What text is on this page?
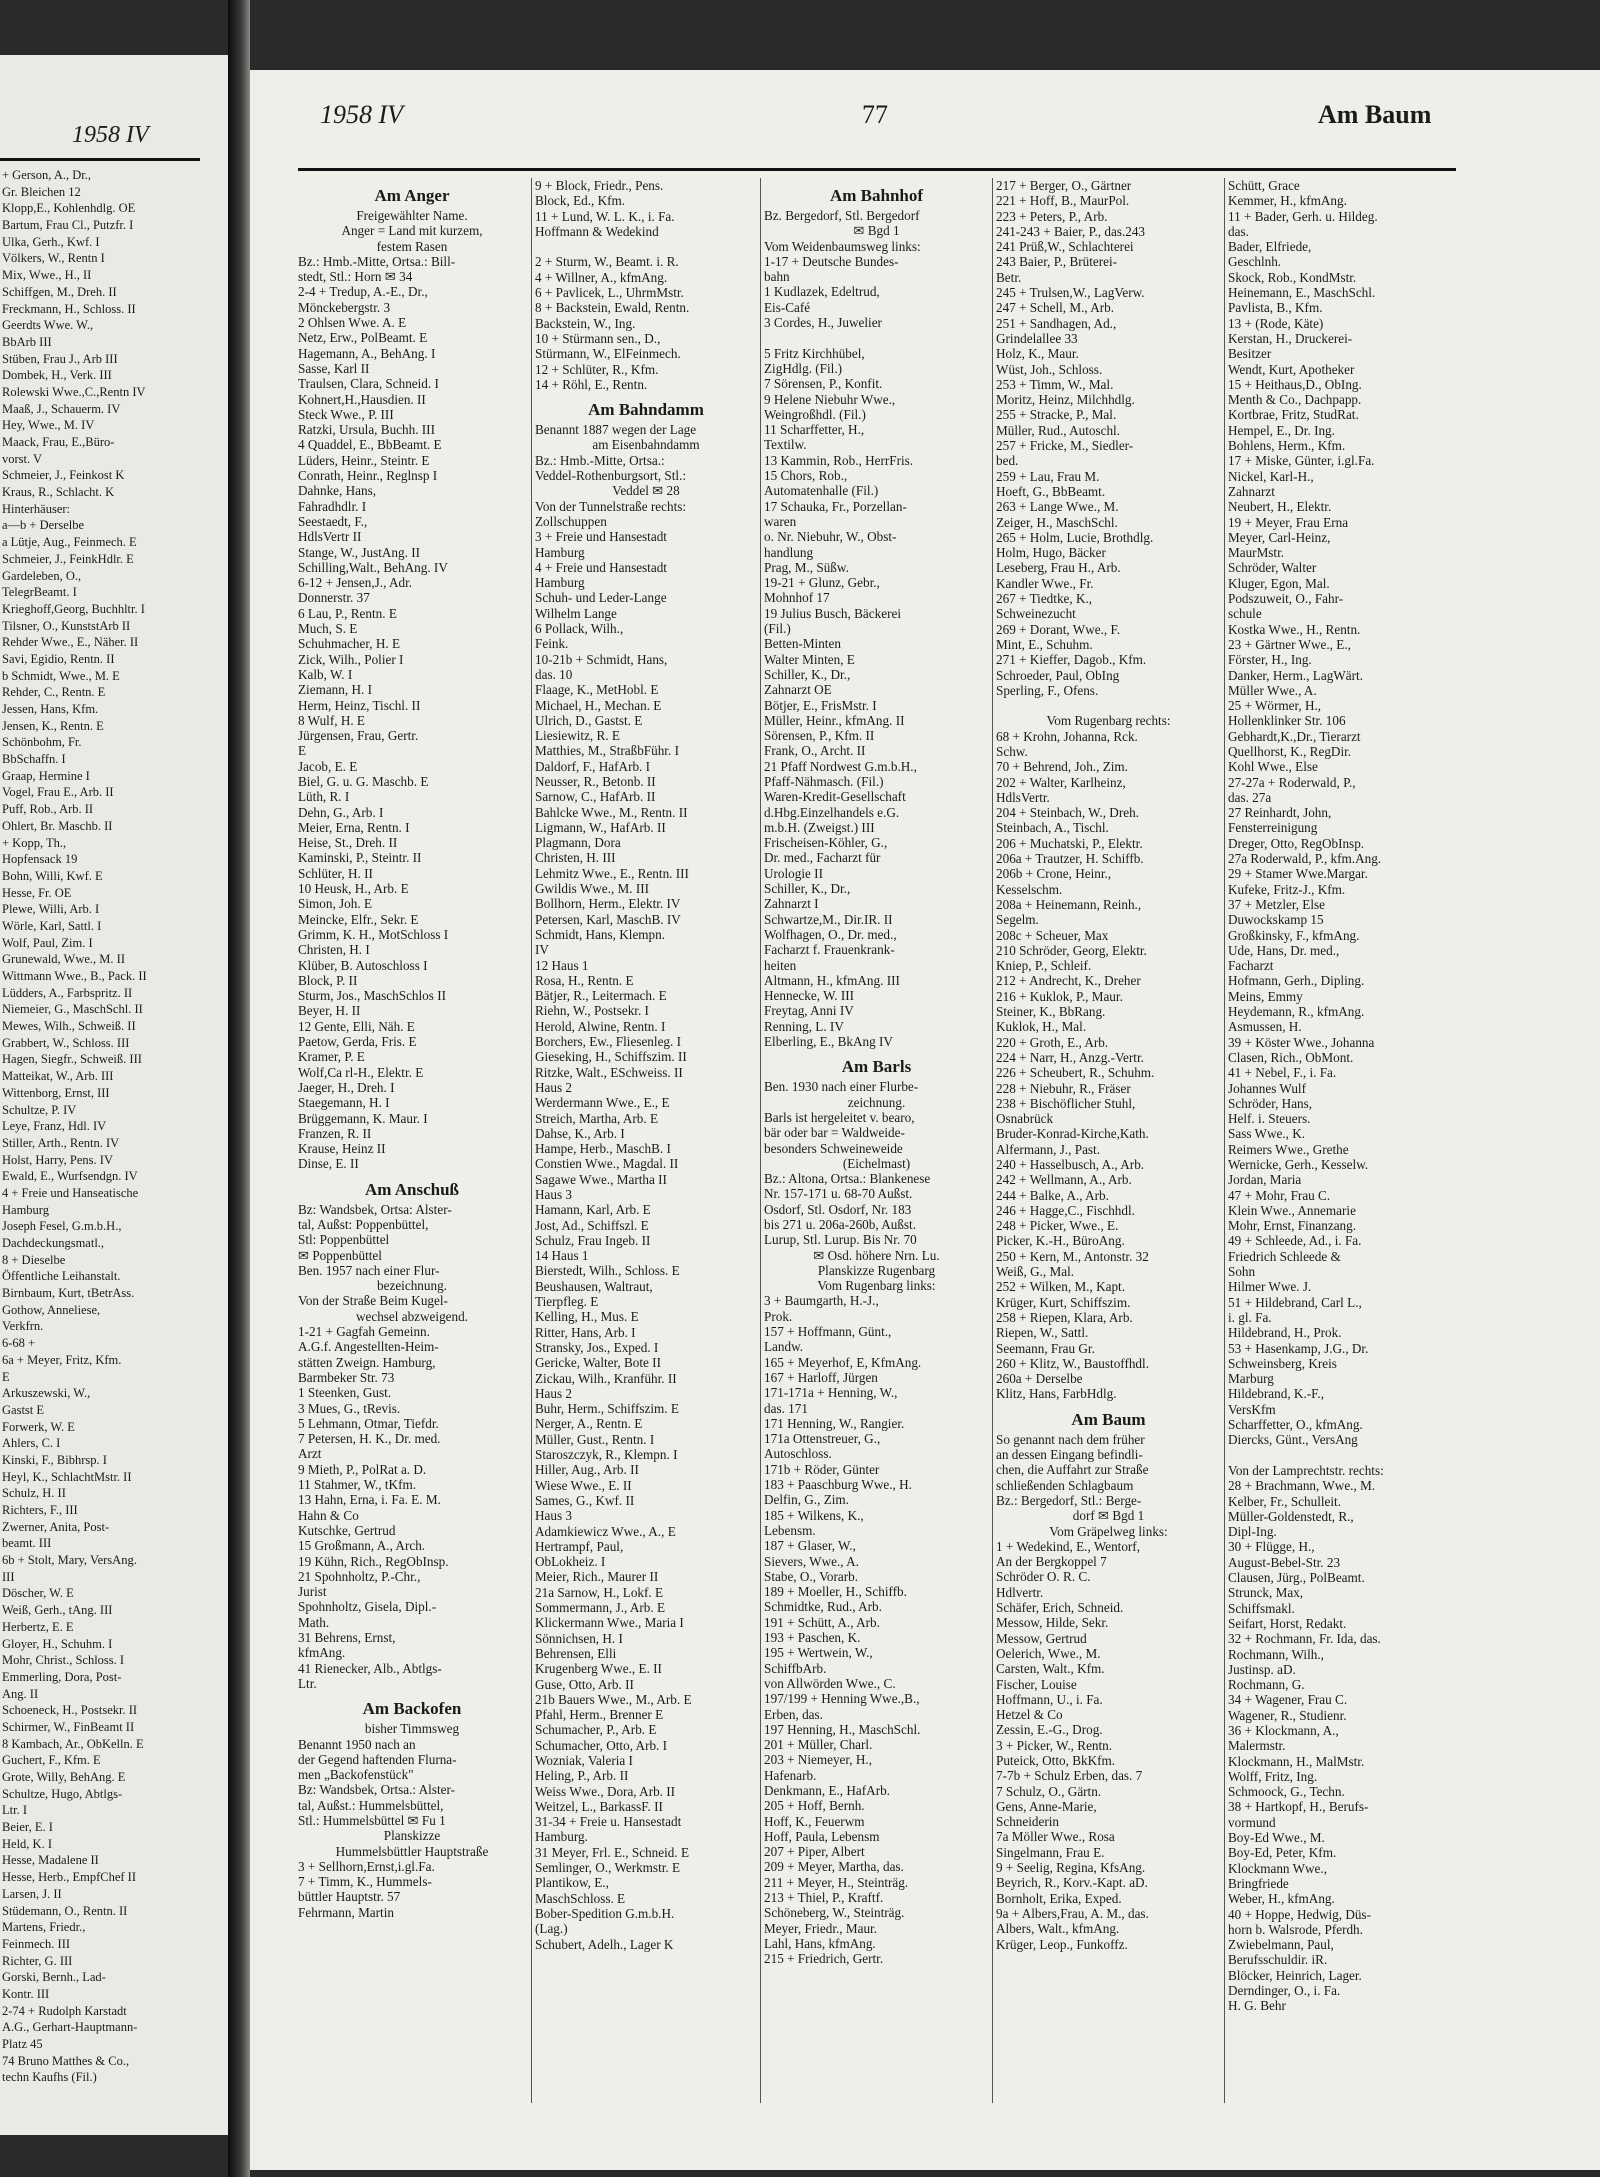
1958 IV
+ Gerson, A., Dr.,
Gr. Bleichen 12
Klopp,E., Kohlenhdlg. OE
Bartum, Frau Cl., Putzfr. I
Ulka, Gerh., Kwf. I
Völkers, W., Rentn I
Mix, Wwe., H., II
Schiffgen, M., Dreh. II
Freckmann, H., Schloss. II
Geerdts Wwe. W.,
BbArb III
Stüben, Frau J., Arb III
Dombek, H., Verk. III
Rolewski Wwe.,C.,Rentn IV
Maaß, J., Schauerm. IV
Hey, Wwe., M. IV
Maack, Frau, E.,Büro-
vorst. V
Schmeier, J., Feinkost K
Kraus, R., Schlacht. K
Hinterhäuser:
a—b + Derselbe
a Lütje, Aug., Feinmech. E
Schmeier, J., FeinkHdlr. E
Gardeleben, O.,
TelegrBeamt. I
Krieghoff,Georg, Buchhltr. I
Tilsner, O., KunststArb II
Rehder Wwe., E., Näher. II
Savi, Egidio, Rentn. II
b Schmidt, Wwe., M. E
Rehder, C., Rentn. E
Jessen, Hans, Kfm.
Jensen, K., Rentn. E
Schönbohm, Fr.
BbSchaffn. I
Graap, Hermine I
Vogel, Frau E., Arb. II
Puff, Rob., Arb. II
Ohlert, Br. Maschb. II
+ Kopp, Th.,
Hopfensack 19
Bohn, Willi, Kwf. E
Hesse, Fr. OE
Plewe, Willi, Arb. I
Wörle, Karl, Sattl. I
Wolf, Paul, Zim. I
Grunewald, Wwe., M. II
Wittmann Wwe., B., Pack. II
Lüdders, A., Farbspritz. II
Niemeier, G., MaschSchl. II
Mewes, Wilh., Schweiß. II
Grabbert, W., Schloss. III
Hagen, Siegfr., Schweiß. III
Matteikat, W., Arb. III
Wittenborg, Ernst, III
Schultze, P. IV
Leye, Franz, Hdl. IV
Stiller, Arth., Rentn. IV
Holst, Harry, Pens. IV
Ewald, E., Wurfsendgn. IV
4 + Freie und Hanseatische
Hamburg
Joseph Fesel, G.m.b.H.,
Dachdeckungsmatl.,
8 + Dieselbe
Öffentliche Leihanstalt.
Birnbaum, Kurt, tBetrAss.
Gothow, Anneliese,
Verkfrn.
6-68 +
6a + Meyer, Fritz, Kfm.
E
Arkuszewski, W.,
Gastst E
Forwerk, W. E
Ahlers, C. I
Kinski, F., Bibhrsp. I
Heyl, K., SchlachtMstr. II
Schulz, H. II
Richters, F., III
Zwerner, Anita, Post-
beamt. III
6b + Stolt, Mary, VersAng.
III
Döscher, W. E
Weiß, Gerh., tAng. III
Herbertz, E. E
Gloyer, H., Schuhm. I
Mohr, Christ., Schloss. I
Emmerling, Dora, Post-
Ang. II
Schoeneck, H., Postsekr. II
Schirmer, W., FinBeamt II
8 Kambach, Ar., ObKelln. E
Guchert, F., Kfm. E
Grote, Willy, BehAng. E
Schultze, Hugo, Abtlgs-
Ltr. I
Beier, E. I
Held, K. I
Hesse, Madalene II
Hesse, Herb., EmpfChef II
Larsen, J. II
Stüdemann, O., Rentn. II
Martens, Friedr.,
Feinmech. III
Richter, G. III
Gorski, Bernh., Lad-
Kontr. III
2-74 + Rudolph Karstadt
A.G., Gerhart-Hauptmann-
Platz 45
74 Bruno Matthes & Co.,
techn Kaufhs (Fil.)
1958 IV	77	Am Baum
Am Anger
Freigewählter Name.
Anger = Land mit kurzem,
festem Rasen
Bz.: Hmb.-Mitte, Ortsa.: Bill-
stedt, Stl.: Horn ✉ 34
2-4 + Tredup, A.-E., Dr.,
Mönckebergstr. 3
2 Ohlsen Wwe. A. E
Netz, Erw., PolBeamt. E
Hagemann, A., BehAng. I
Sasse, Karl II
Traulsen, Clara, Schneid. I
Kohnert,H.,Hausdien. II
Steck Wwe., P. III
Ratzki, Ursula, Buchh. III
4 Quaddel, E., BbBeamt. E
Lüders, Heinr., Steintr. E
Conrath, Heinr., Reglnsp I
Dahnke, Hans,
Fahradhdlr. I
Seestaedt, F.,
HdlsVertr II
Stange, W., JustAng. II
Schilling,Walt., BehAng. IV
6-12 + Jensen,J., Adr.
Donnerstr. 37
6 Lau, P., Rentn. E
Much, S. E
Schuhmacher, H. E
Zick, Wilh., Polier I
Kalb, W. I
Ziemann, H. I
Herm, Heinz, Tischl. II
8 Wulf, H. E
Jürgensen, Frau, Gertr.
E
Jacob, E. E
Biel, G. u. G. Maschb. E
Lüth, R. I
Dehn, G., Arb. I
Meier, Erna, Rentn. I
Heise, St., Dreh. II
Kaminski, P., Steintr. II
Schlüter, H. II
10 Heusk, H., Arb. E
Simon, Joh. E
Meincke, Elfr., Sekr. E
Grimm, K. H., MotSchloss I
Christen, H. I
Klüber, B. Autoschloss I
Block, P. II
Sturm, Jos., MaschSchlos II
Beyer, H. II
12 Gente, Elli, Näh. E
Paetow, Gerda, Fris. E
Kramer, P. E
Wolf,Ca rl-H., Elektr. E
Jaeger, H., Dreh. I
Staegemann, H. I
Brüggemann, K. Maur. I
Franzen, R. II
Krause, Heinz II
Dinse, E. II
Am Anschuß
Bz: Wandsbek, Ortsa: Alster-
tal, Außst: Poppenbüttel,
Stl: Poppenbüttel
✉ Poppenbüttel
Ben. 1957 nach einer Flur-
bezeichnung.
Von der Straße Beim Kugel-
wechsel abzweigend.
1-21 + Gagfah Gemeinn.
A.G.f. Angestellten-Heim-
stätten Zweign. Hamburg,
Barmbeker Str. 73
1 Steenken, Gust.
3 Mues, G., tRevis.
5 Lehmann, Otmar, Tiefdr.
7 Petersen, H. K., Dr. med.
Arzt
9 Mieth, P., PolRat a. D.
11 Stahmer, W., tKfm.
13 Hahn, Erna, i. Fa. E. M.
Hahn & Co
Kutschke, Gertrud
15 Großmann, A., Arch.
19 Kühn, Rich., RegObInsp.
21 Spohnholtz, P.-Chr.,
Jurist
Spohnholtz, Gisela, Dipl.-
Math.
31 Behrens, Ernst,
kfmAng.
41 Rienecker, Alb., Abtlgs-
Ltr.
Am Backofen
bisher Timmsweg
Benannt 1950 nach an
der Gegend haftenden Flurna-
men „Backofenstück"
Bz: Wandsbek, Ortsa.: Alster-
tal, Außst.: Hummelsbüttel,
Stl.: Hummelsbüttel ✉ Fu 1
Planskizze
Hummelsbüttler Hauptstraße
3 + Sellhorn,Ernst,i.gl.Fa.
7 + Timm, K., Hummels-
büttler Hauptstr. 57
Fehrmann, Martin
9 + Block, Friedr., Pens.
Block, Ed., Kfm.
11 + Lund, W. L. K., i. Fa.
Hoffmann & Wedekind
2 + Sturm, W., Beamt. i. R.
4 + Willner, A., kfmAng.
6 + Pavlicek, L., UhrmMstr.
8 + Backstein, Ewald, Rentn.
Backstein, W., Ing.
10 + Stürmann sen., D.,
Stürmann, W., ElFeinmech.
12 + Schlüter, R., Kfm.
14 + Röhl, E., Rentn.
Am Bahndamm
Benannt 1887 wegen der Lage
am Eisenbahndamm
Bz.: Hmb.-Mitte, Ortsa.:
Veddel-Rothenburgsort, Stl.:
Veddel ✉ 28
Von der Tunnelstraße rechts:
Zollschuppen
3 + Freie und Hansestadt
Hamburg
4 + Freie und Hansestadt
Hamburg
Schuh- und Leder-Lange
Wilhelm Lange
6 Pollack, Wilh.,
Feink.
10-21b + Schmidt, Hans,
das. 10
Flaage, K., MetHobl. E
Michael, H., Mechan. E
Ulrich, D., Gastst. E
Liesiewitz, R. E
Matthies, M., StraßbFühr. I
Daldorf, F., HafArb. I
Neusser, R., Betonb. II
Sarnow, C., HafArb. II
Bahlcke Wwe., M., Rentn. II
Ligmann, W., HafArb. II
Plagmann, Dora
Christen, H. III
Lehmitz Wwe., E., Rentn. III
Gwildis Wwe., M. III
Bollhorn, Herm., Elektr. IV
Petersen, Karl, MaschB. IV
Schmidt, Hans, Klempn.
IV
12 Haus 1
Rosa, H., Rentn. E
Bätjer, R., Leitermach. E
Riehn, W., Postsekr. I
Herold, Alwine, Rentn. I
Borchers, Ew., Fliesenleg. I
Gieseking, H., Schiffszim. II
Ritzke, Walt., ESchweiss. II
Haus 2
Werdermann Wwe., E., E
Streich, Martha, Arb. E
Dahse, K., Arb. I
Hampe, Herb., MaschB. I
Constien Wwe., Magdal. II
Sagawe Wwe., Martha II
Haus 3
Hamann, Karl, Arb. E
Jost, Ad., Schiffszl. E
Schulz, Frau Ingeb. II
14 Haus 1
Bierstedt, Wilh., Schloss. E
Beushausen, Waltraut,
Tierpfleg. E
Kelling, H., Mus. E
Ritter, Hans, Arb. I
Stransky, Jos., Exped. I
Gericke, Walter, Bote II
Zickau, Wilh., Kranführ. II
Haus 2
Buhr, Herm., Schiffszim. E
Nerger, A., Rentn. E
Müller, Gust., Rentn. I
Staroszczyk, R., Klempn. I
Hiller, Aug., Arb. II
Wiese Wwe., E. II
Sames, G., Kwf. II
Haus 3
Adamkiewicz Wwe., A., E
Hertrampf, Paul,
ObLokheiz. I
Meier, Rich., Maurer II
21a Sarnow, H., Lokf. E
Sommermann, J., Arb. E
Klickermann Wwe., Maria I
Sönnichsen, H. I
Behrensen, Elli
Krugenberg Wwe., E. II
Guse, Otto, Arb. II
21b Bauers Wwe., M., Arb. E
Pfahl, Herm., Brenner E
Schumacher, P., Arb. E
Schumacher, Otto, Arb. I
Wozniak, Valeria I
Heling, P., Arb. II
Weiss Wwe., Dora, Arb. II
Weitzel, L., BarkassF. II
31-34 + Freie u. Hansestadt
Hamburg.
31 Meyer, Frl. E., Schneid. E
Semlinger, O., Werkmstr. E
Plantikow, E.,
MaschSchloss. E
Bober-Spedition G.m.b.H.
(Lag.)
Schubert, Adelh., Lager K
Am Bahnhof
Bz. Bergedorf, Stl. Bergedorf
✉ Bgd 1
Vom Weidenbaumsweg links:
1-17 + Deutsche Bundes-
bahn
1 Kudlazek, Edeltrud,
Eis-Café
3 Cordes, H., Juwelier
5 Fritz Kirchhübel,
ZigHdlg. (Fil.)
7 Sörensen, P., Konfit.
9 Helene Niebuhr Wwe.,
Weingroßhdl. (Fil.)
11 Scharffetter, H.,
Textilw.
13 Kammin, Rob., HerrFris.
15 Chors, Rob.,
Automatenhalle (Fil.)
17 Schauka, Fr., Porzellan-
waren
o. Nr. Niebuhr, W., Obst-
handlung
Prag, M., Süßw.
19-21 + Glunz, Gebr.,
Mohnhof 17
19 Julius Busch, Bäckerei
(Fil.)
Betten-Minten
Walter Minten, E
Schiller, K., Dr.,
Zahnarzt OE
Bötjer, E., FrisMstr. I
Müller, Heinr., kfmAng. II
Sörensen, P., Kfm. II
Frank, O., Archt. II
21 Pfaff Nordwest G.m.b.H.,
Pfaff-Nähmasch. (Fil.)
Waren-Kredit-Gesellschaft
d.Hbg.Einzelhandels e.G.
m.b.H. (Zweigst.) III
Frischeisen-Köhler, G.,
Dr. med., Facharzt für
Urologie II
Schiller, K., Dr.,
Zahnarzt I
Schwartze,M., Dir.IR. II
Wolfhagen, O., Dr. med.,
Facharzt f. Frauenkrank-
heiten
Altmann, H., kfmAng. III
Hennecke, W. III
Freytag, Anni IV
Renning, L. IV
Elberling, E., BkAng IV
Am Barls
Ben. 1930 nach einer Flurbe-
zeichnung.
Barls ist hergeleitet v. bearo,
bär oder bar = Waldweide-
besonders Schweineweide
(Eichelmast)
Bz.: Altona, Ortsa.: Blankenese
Nr. 157-171 u. 68-70 Außst.
Osdorf, Stl. Osdorf, Nr. 183
bis 271 u. 206a-260b, Außst.
Lurup, Stl. Lurup. Bis Nr. 70
✉ Osd. höhere Nrn. Lu.
Planskizze Rugenbarg
Vom Rugenbarg links:
3 + Baumgarth, H.-J.,
Prok.
157 + Hoffmann, Günt.,
Landw.
165 + Meyerhof, E, KfmAng.
167 + Harloff, Jürgen
171-171a + Henning, W.,
das. 171
171 Henning, W., Rangier.
171a Ottenstreuer, G.,
Autoschloss.
171b + Röder, Günter
183 + Paaschburg Wwe., H.
Delfin, G., Zim.
185 + Wilkens, K.,
Lebensm.
187 + Glaser, W.,
Sievers, Wwe., A.
Stabe, O., Vorarb.
189 + Moeller, H., Schiffb.
Schmidtke, Rud., Arb.
191 + Schütt, A., Arb.
193 + Paschen, K.
195 + Wertwein, W.,
SchiffbArb.
von Allwörden Wwe., C.
197/199 + Henning Wwe.,B.,
Erben, das.
197 Henning, H., MaschSchl.
201 + Müller, Charl.
203 + Niemeyer, H.,
Hafenarb.
Denkmann, E., HafArb.
205 + Hoff, Bernh.
Hoff, K., Feuerwm
Hoff, Paula, Lebensm
207 + Piper, Albert
209 + Meyer, Martha, das.
211 + Meyer, H., Steinträg.
213 + Thiel, P., Kraftf.
Schöneberg, W., Steinträg.
Meyer, Friedr., Maur.
Lahl, Hans, kfmAng.
215 + Friedrich, Gertr.
217 + Berger, O., Gärtner
221 + Hoff, B., MaurPol.
223 + Peters, P., Arb.
241-243 + Baier, P., das.243
241 Prüß,W., Schlachterei
243 Baier, P., Brüterei-
Betr.
245 + Trulsen,W., LagVerw.
247 + Schell, M., Arb.
251 + Sandhagen, Ad.,
Grindelallee 33
Holz, K., Maur.
Wüst, Joh., Schloss.
253 + Timm, W., Mal.
Moritz, Heinz, Milchhdlg.
255 + Stracke, P., Mal.
Müller, Rud., Autoschl.
257 + Fricke, M., Siedler-
bed.
259 + Lau, Frau M.
Hoeft, G., BbBeamt.
263 + Lange Wwe., M.
Zeiger, H., MaschSchl.
265 + Holm, Lucie, Brothdlg.
Holm, Hugo, Bäcker
Leseberg, Frau H., Arb.
Kandler Wwe., Fr.
267 + Tiedtke, K.,
Schweinezucht
269 + Dorant, Wwe., F.
Mint, E., Schuhm.
271 + Kieffer, Dagob., Kfm.
Schroeder, Paul, ObIng
Sperling, F., Ofens.
Vom Rugenbarg rechts:
68 + Krohn, Johanna, Rck.
Schw.
70 + Behrend, Joh., Zim.
202 + Walter, Karlheinz,
HdlsVertr.
204 + Steinbach, W., Dreh.
Steinbach, A., Tischl.
206 + Muchatski, P., Elektr.
206a + Trautzer, H. Schiffb.
206b + Crone, Heinr.,
Kesselschm.
208a + Heinemann, Reinh.,
Segelm.
208c + Scheuer, Max
210 Schröder, Georg, Elektr.
Kniep, P., Schleif.
212 + Andrecht, K., Dreher
216 + Kuklok, P., Maur.
Steiner, K., BbRang.
Kuklok, H., Mal.
220 + Groth, E., Arb.
224 + Narr, H., Anzg.-Vertr.
226 + Scheubert, R., Schuhm.
228 + Niebuhr, R., Fräser
238 + Bischöflicher Stuhl,
Osnabrück
Bruder-Konrad-Kirche,Kath.
Alfermann, J., Past.
240 + Hasselbusch, A., Arb.
242 + Wellmann, A., Arb.
244 + Balke, A., Arb.
246 + Hagge,C., Fischhdl.
248 + Picker, Wwe., E.
Picker, K.-H., BüroAng.
250 + Kern, M., Antonstr. 32
Weiß, G., Mal.
252 + Wilken, M., Kapt.
Krüger, Kurt, Schiffszim.
258 + Riepen, Klara, Arb.
Riepen, W., Sattl.
Seemann, Frau Gr.
260 + Klitz, W., Baustoffhdl.
260a + Derselbe
Klitz, Hans, FarbHdlg.
Am Baum
So genannt nach dem früher
an dessen Eingang befindli-
chen, die Auffahrt zur Straße
schließenden Schlagbaum
Bz.: Bergedorf, Stl.: Berge-
dorf ✉ Bgd 1
Vom Gräpelweg links:
1 + Wedekind, E., Wentorf,
An der Bergkoppel 7
Schröder O. R. C.
Hdlvertr.
Schäfer, Erich, Schneid.
Messow, Hilde, Sekr.
Messow, Gertrud
Oelerich, Wwe., M.
Carsten, Walt., Kfm.
Fischer, Louise
Hoffmann, U., i. Fa.
Hetzel & Co
Zessin, E.-G., Drog.
3 + Picker, W., Rentn.
Puteick, Otto, BkKfm.
7-7b + Schulz Erben, das. 7
7 Schulz, O., Gärtn.
Gens, Anne-Marie,
Schneiderin
7a Möller Wwe., Rosa
Singelmann, Frau E.
9 + Seelig, Regina, KfsAng.
Beyrich, R., Korv.-Kapt. aD.
Bornholt, Erika, Exped.
9a + Albers,Frau, A. M., das.
Albers, Walt., kfmAng.
Krüger, Leop., Funkoffz.
Schütt, Grace
Kemmer, H., kfmAng.
11 + Bader, Gerh. u. Hildeg.
das.
Bader, Elfriede,
Geschlnh.
Skock, Rob., KondMstr.
Heinemann, E., MaschSchl.
Pavlista, B., Kfm.
13 + (Rode, Käte)
Kerstan, H., Druckerei-
Besitzer
Wendt, Kurt, Apotheker
15 + Heithaus,D., ObIng.
Menth & Co., Dachpapp.
Kortbrae, Fritz, StudRat.
Hempel, E., Dr. Ing.
Bohlens, Herm., Kfm.
17 + Miske, Günter, i.gl.Fa.
Nickel, Karl-H.,
Zahnarzt
Neubert, H., Elektr.
19 + Meyer, Frau Erna
Meyer, Carl-Heinz,
MaurMstr.
Schröder, Walter
Kluger, Egon, Mal.
Podszuweit, O., Fahr-
schule
Kostka Wwe., H., Rentn.
23 + Gärtner Wwe., E.,
Förster, H., Ing.
Danker, Herm., LagWärt.
Müller Wwe., A.
25 + Wörmer, H.,
Hollenklinker Str. 106
Gebhardt,K.,Dr., Tierarzt
Quellhorst, K., RegDir.
Kohl Wwe., Else
27-27a + Roderwald, P.,
das. 27a
27 Reinhardt, John,
Fensterreinigung
Dreger, Otto, RegObInsp.
27a Roderwald, P., kfm.Ang.
29 + Stamer Wwe.Margar.
Kufeke, Fritz-J., Kfm.
37 + Metzler, Else
Duwockskamp 15
Großkinsky, F., kfmAng.
Ude, Hans, Dr. med.,
Facharzt
Hofmann, Gerh., Dipling.
Meins, Emmy
Heydemann, R., kfmAng.
Asmussen, H.
39 + Köster Wwe., Johanna
Clasen, Rich., ObMont.
41 + Nebel, F., i. Fa.
Johannes Wulf
Schröder, Hans,
Helf. i. Steuers.
Sass Wwe., K.
Reimers Wwe., Grethe
Wernicke, Gerh., Kesselw.
Jordan, Maria
47 + Mohr, Frau C.
Klein Wwe., Annemarie
Mohr, Ernst, Finanzang.
49 + Schleede, Ad., i. Fa.
Friedrich Schleede &
Sohn
Hilmer Wwe. J.
51 + Hildebrand, Carl L.,
i. gl. Fa.
Hildebrand, H., Prok.
53 + Hasenkamp, J.G., Dr.
Schweinsberg, Kreis
Marburg
Hildebrand, K.-F.,
VersKfm
Scharffetter, O., kfmAng.
Diercks, Günt., VersAng
Von der Lamprechtstr. rechts:
28 + Brachmann, Wwe., M.
Kelber, Fr., Schulleit.
Müller-Goldenstedt, R.,
Dipl-Ing.
30 + Flügge, H.,
August-Bebel-Str. 23
Clausen, Jürg., PolBeamt.
Strunck, Max,
Schiffsmakl.
Seifart, Horst, Redakt.
32 + Rochmann, Fr. Ida, das.
Rochmann, Wilh.,
Justinsp. aD.
Rochmann, G.
34 + Wagener, Frau C.
Wagener, R., Studienr.
36 + Klockmann, A.,
Malermstr.
Klockmann, H., MalMstr.
Wolff, Fritz, Ing.
Schmoock, G., Techn.
38 + Hartkopf, H., Berufs-
vormund
Boy-Ed Wwe., M.
Boy-Ed, Peter, Kfm.
Klockmann Wwe.,
Bringfriede
Weber, H., kfmAng.
40 + Hoppe, Hedwig, Düs-
horn b. Walsrode, Pferdh.
Zwiebelmann, Paul,
Berufsschuldir. iR.
Blöcker, Heinrich, Lager.
Derndinger, O., i. Fa.
H. G. Behr
